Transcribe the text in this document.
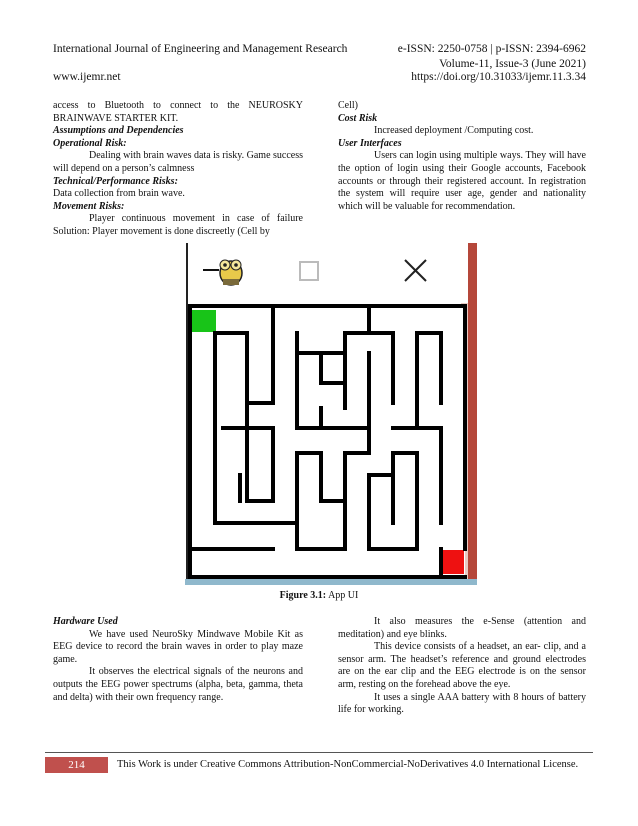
International Journal of Engineering and Management Research	e-ISSN: 2250-0758 | p-ISSN: 2394-6962
Volume-11, Issue-3 (June 2021)
www.ijemr.net	https://doi.org/10.31033/ijemr.11.3.34

access to Bluetooth to connect to the NEUROSKY BRAINWAVE STARTER KIT.

Assumptions and Dependencies

Operational Risk:

Dealing with brain waves data is risky. Game success will depend on a person’s calmness

Technical/Performance Risks:

Data collection from brain wave.

Movement Risks:

Player continuous movement in case of failure Solution: Player movement is done discreetly (Cell by

Cell)

Cost Risk

Increased deployment /Computing cost.

User Interfaces

Users can login using multiple ways. They will have the option of login using their Google accounts, Facebook accounts or through their registered account. In registration the system will require user age, gender and nationality which will be valuable for recommendation.

Figure 3.1: App UI

Hardware Used

We have used NeuroSky Mindwave Mobile Kit as EEG device to record the brain waves in order to play maze game.

It observes the electrical signals of the neurons and outputs the EEG power spectrums (alpha, beta, gamma, theta and delta) with their own frequency range.

It also measures the e-Sense (attention and meditation) and eye blinks.

This device consists of a headset, an ear- clip, and a sensor arm. The headset’s reference and ground electrodes are on the ear clip and the EEG electrode is on the sensor arm, resting on the forehead above the eye.

It uses a single AAA battery with 8 hours of battery life for working.

214	This Work is under Creative Commons Attribution-NonCommercial-NoDerivatives 4.0 International License.
